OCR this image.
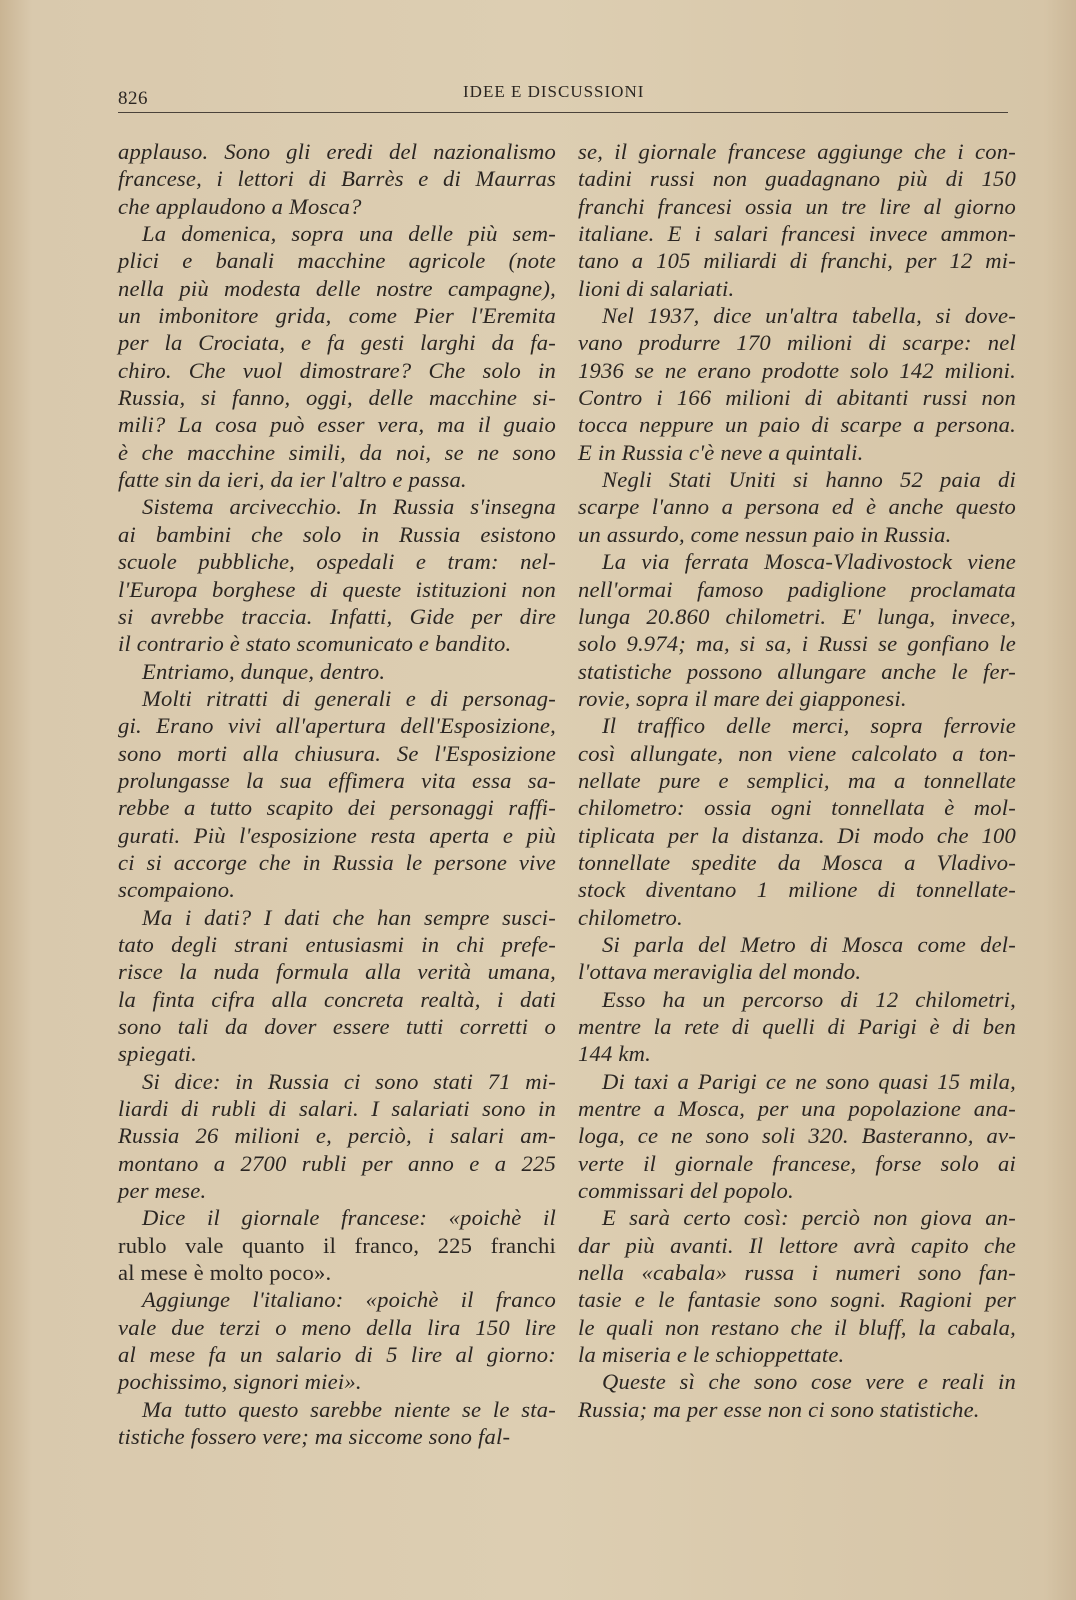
826	IDEE E DISCUSSIONI

applauso. Sono gli eredi del nazionalismo

francese, i lettori di Barrès e di Maurras

che applaudono a Mosca?

La domenica, sopra una delle più sem-

plici e banali macchine agricole (note

nella più modesta delle nostre campagne),

un imbonitore grida, come Pier l'Eremita

per la Crociata, e fa gesti larghi da fa-

chiro. Che vuol dimostrare? Che solo in

Russia, si fanno, oggi, delle macchine si-

mili? La cosa può esser vera, ma il guaio

è che macchine simili, da noi, se ne sono

fatte sin da ieri, da ier l'altro e passa.

Sistema arcivecchio. In Russia s'insegna

ai bambini che solo in Russia esistono

scuole pubbliche, ospedali e tram: nel-

l'Europa borghese di queste istituzioni non

si avrebbe traccia. Infatti, Gide per dire

il contrario è stato scomunicato e bandito.

Entriamo, dunque, dentro.

Molti ritratti di generali e di personag-

gi. Erano vivi all'apertura dell'Esposizione,

sono morti alla chiusura. Se l'Esposizione

prolungasse la sua effimera vita essa sa-

rebbe a tutto scapito dei personaggi raffi-

gurati. Più l'esposizione resta aperta e più

ci si accorge che in Russia le persone vive

scompaiono.

Ma i dati? I dati che han sempre susci-

tato degli strani entusiasmi in chi prefe-

risce la nuda formula alla verità umana,

la finta cifra alla concreta realtà, i dati

sono tali da dover essere tutti corretti o

spiegati.

Si dice: in Russia ci sono stati 71 mi-

liardi di rubli di salari. I salariati sono in

Russia 26 milioni e, perciò, i salari am-

montano a 2700 rubli per anno e a 225

per mese.

Dice il giornale francese: «poichè il

rublo vale quanto il franco, 225 franchi

al mese è molto poco».

Aggiunge l'italiano: «poichè il franco

vale due terzi o meno della lira 150 lire

al mese fa un salario di 5 lire al giorno:

pochissimo, signori miei».

Ma tutto questo sarebbe niente se le sta-

tistiche fossero vere; ma siccome sono fal-

se, il giornale francese aggiunge che i con-

tadini russi non guadagnano più di 150

franchi francesi ossia un tre lire al giorno

italiane. E i salari francesi invece ammon-

tano a 105 miliardi di franchi, per 12 mi-

lioni di salariati.

Nel 1937, dice un'altra tabella, si dove-

vano produrre 170 milioni di scarpe: nel

1936 se ne erano prodotte solo 142 milioni.

Contro i 166 milioni di abitanti russi non

tocca neppure un paio di scarpe a persona.

E in Russia c'è neve a quintali.

Negli Stati Uniti si hanno 52 paia di

scarpe l'anno a persona ed è anche questo

un assurdo, come nessun paio in Russia.

La via ferrata Mosca-Vladivostock viene

nell'ormai famoso padiglione proclamata

lunga 20.860 chilometri. E' lunga, invece,

solo 9.974; ma, si sa, i Russi se gonfiano le

statistiche possono allungare anche le fer-

rovie, sopra il mare dei giapponesi.

Il traffico delle merci, sopra ferrovie

così allungate, non viene calcolato a ton-

nellate pure e semplici, ma a tonnellate

chilometro: ossia ogni tonnellata è mol-

tiplicata per la distanza. Di modo che 100

tonnellate spedite da Mosca a Vladivo-

stock diventano 1 milione di tonnellate-

chilometro.

Si parla del Metro di Mosca come del-

l'ottava meraviglia del mondo.

Esso ha un percorso di 12 chilometri,

mentre la rete di quelli di Parigi è di ben

144 km.

Di taxi a Parigi ce ne sono quasi 15 mila,

mentre a Mosca, per una popolazione ana-

loga, ce ne sono soli 320. Basteranno, av-

verte il giornale francese, forse solo ai

commissari del popolo.

E sarà certo così: perciò non giova an-

dar più avanti. Il lettore avrà capito che

nella «cabala» russa i numeri sono fan-

tasie e le fantasie sono sogni. Ragioni per

le quali non restano che il bluff, la cabala,

la miseria e le schioppettate.

Queste sì che sono cose vere e reali in

Russia; ma per esse non ci sono statistiche.
